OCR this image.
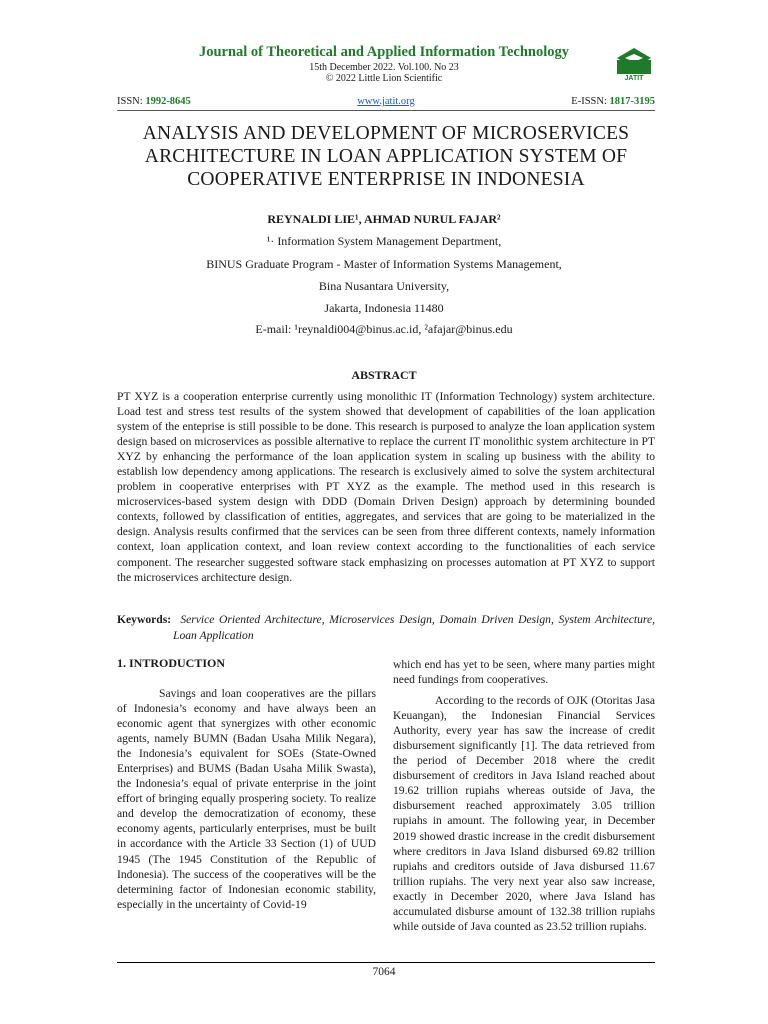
Journal of Theoretical and Applied Information Technology
15th December 2022. Vol.100. No 23
© 2022 Little Lion Scientific	JATIT
ISSN: 1992-8645	www.jatit.org	E-ISSN: 1817-3195
ANALYSIS AND DEVELOPMENT OF MICROSERVICES ARCHITECTURE IN LOAN APPLICATION SYSTEM OF COOPERATIVE ENTERPRISE IN INDONESIA
REYNALDI LIE¹, AHMAD NURUL FAJAR²
¹· Information System Management Department,
BINUS Graduate Program - Master of Information Systems Management,
Bina Nusantara University,
Jakarta, Indonesia 11480
E-mail: ¹reynaldi004@binus.ac.id, ²afajar@binus.edu
ABSTRACT
PT XYZ is a cooperation enterprise currently using monolithic IT (Information Technology) system architecture. Load test and stress test results of the system showed that development of capabilities of the loan application system of the enteprise is still possible to be done. This research is purposed to analyze the loan application system design based on microservices as possible alternative to replace the current IT monolithic system architecture in PT XYZ by enhancing the performance of the loan application system in scaling up business with the ability to establish low dependency among applications. The research is exclusively aimed to solve the system architectural problem in cooperative enterprises with PT XYZ as the example. The method used in this research is microservices-based system design with DDD (Domain Driven Design) approach by determining bounded contexts, followed by classification of entities, aggregates, and services that are going to be materialized in the design. Analysis results confirmed that the services can be seen from three different contexts, namely information context, loan application context, and loan review context according to the functionalities of each service component. The researcher suggested software stack emphasizing on processes automation at PT XYZ to support the microservices architecture design.
Keywords: Service Oriented Architecture, Microservices Design, Domain Driven Design, System Architecture, Loan Application
1. INTRODUCTION

Savings and loan cooperatives are the pillars of Indonesia’s economy and have always been an economic agent that synergizes with other economic agents, namely BUMN (Badan Usaha Milik Negara), the Indonesia’s equivalent for SOEs (State-Owned Enterprises) and BUMS (Badan Usaha Milik Swasta), the Indonesia’s equal of private enterprise in the joint effort of bringing equally prospering society. To realize and develop the democratization of economy, these economy agents, particularly enterprises, must be built in accordance with the Article 33 Section (1) of UUD 1945 (The 1945 Constitution of the Republic of Indonesia). The success of the cooperatives will be the determining factor of Indonesian economic stability, especially in the uncertainty of Covid-19

which end has yet to be seen, where many parties might need fundings from cooperatives.

According to the records of OJK (Otoritas Jasa Keuangan), the Indonesian Financial Services Authority, every year has saw the increase of credit disbursement significantly [1]. The data retrieved from the period of December 2018 where the credit disbursement of creditors in Java Island reached about 19.62 trillion rupiahs whereas outside of Java, the disbursement reached approximately 3.05 trillion rupiahs in amount. The following year, in December 2019 showed drastic increase in the credit disbursement where creditors in Java Island disbursed 69.82 trillion rupiahs and creditors outside of Java disbursed 11.67 trillion rupiahs. The very next year also saw increase, exactly in December 2020, where Java Island has accumulated disburse amount of 132.38 trillion rupiahs while outside of Java counted as 23.52 trillion rupiahs.

7064
